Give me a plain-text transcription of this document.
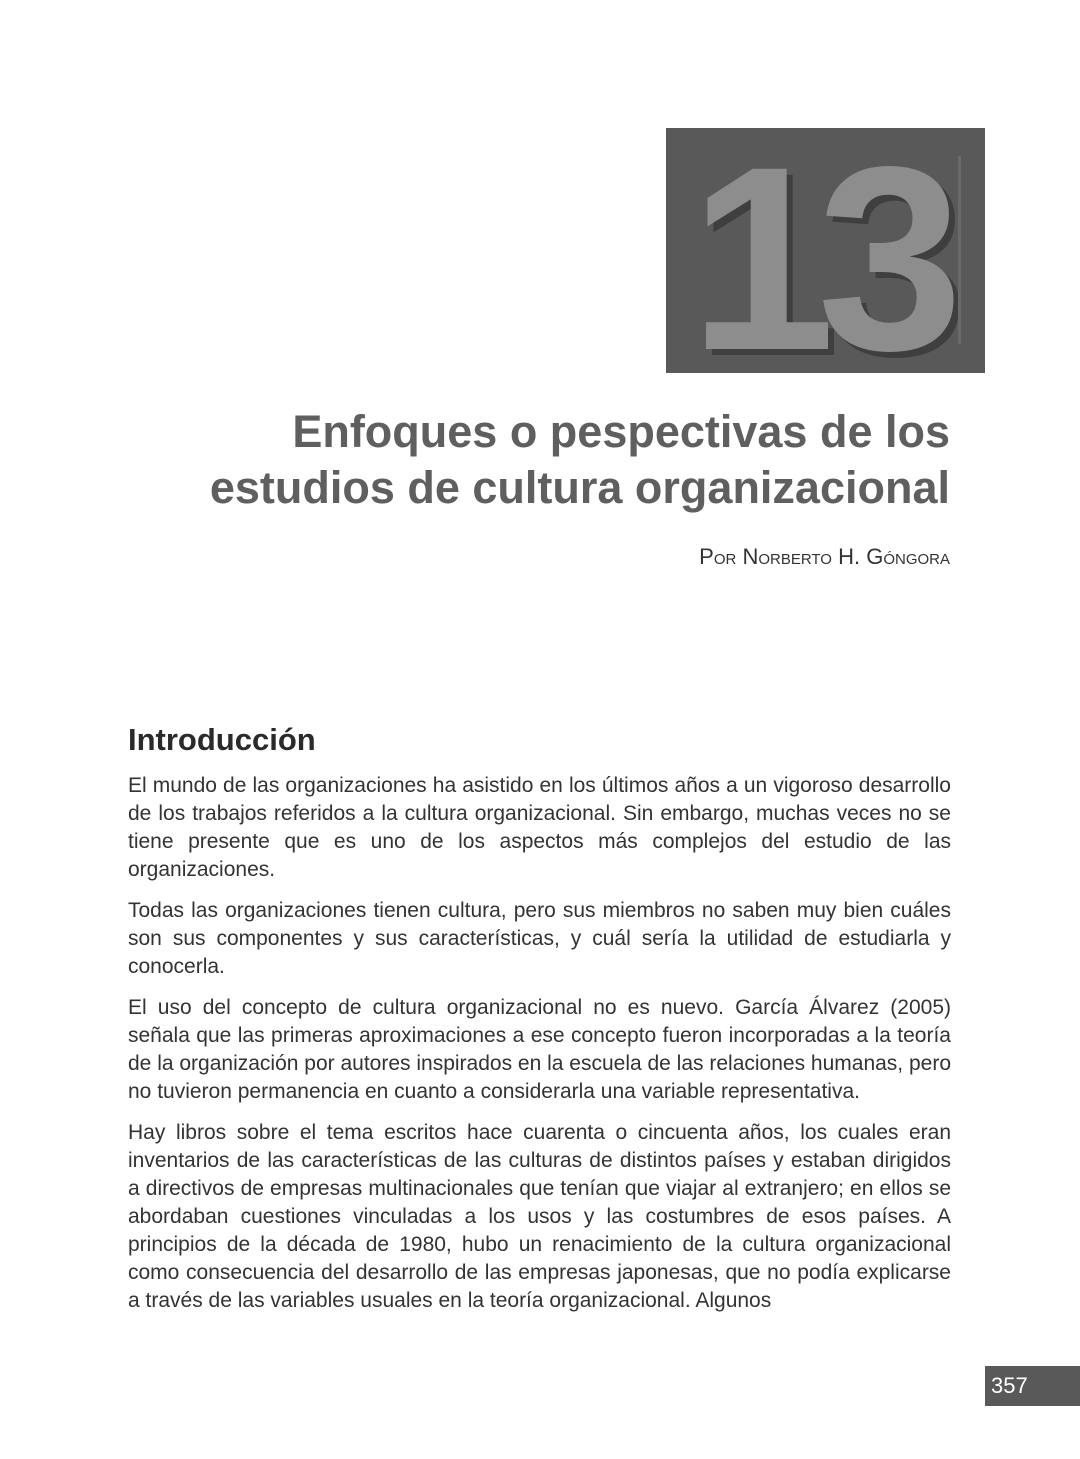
13
Enfoques o pespectivas de los
estudios de cultura organizacional
Por Norberto H. Góngora
Introducción

El mundo de las organizaciones ha asistido en los últimos años a un vigoroso desarrollo de los trabajos referidos a la cultura organizacional. Sin embargo, muchas veces no se tiene presente que es uno de los aspectos más complejos del estudio de las organizaciones.

Todas las organizaciones tienen cultura, pero sus miembros no saben muy bien cuáles son sus componentes y sus características, y cuál sería la utilidad de estudiarla y conocerla.

El uso del concepto de cultura organizacional no es nuevo. García Álvarez (2005) señala que las primeras aproximaciones a ese concepto fueron incorporadas a la teoría de la organización por autores inspirados en la escuela de las relaciones humanas, pero no tuvieron permanencia en cuanto a considerarla una variable representativa.

Hay libros sobre el tema escritos hace cuarenta o cincuenta años, los cuales eran inventarios de las características de las culturas de distintos países y estaban dirigidos a directivos de empresas multinacionales que tenían que viajar al extranjero; en ellos se abordaban cuestiones vinculadas a los usos y las costumbres de esos países. A principios de la década de 1980, hubo un renacimiento de la cultura organizacional como consecuencia del desarrollo de las empresas japonesas, que no podía explicarse a través de las variables usuales en la teoría organizacional. Algunos

357
